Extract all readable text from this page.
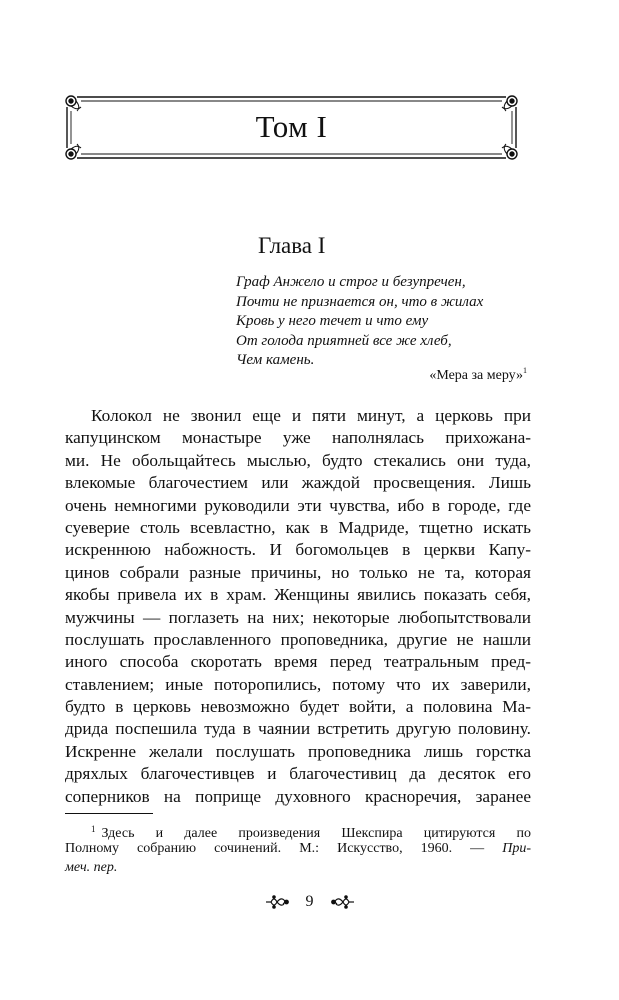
Том I
Глава I
Граф Анжело и строг и безупречен,
Почти не признается он, что в жилах
Кровь у него течет и что ему
От голода приятней все же хлеб,
Чем камень.
«Мера за меру»$^1$
Колокол не звонил еще и пяти минут, а церковь при
капуцинском монастыре уже наполнялась прихожана-
ми. Не обольщайтесь мыслью, будто стекались они туда,
влекомые благочестием или жаждой просвещения. Лишь
очень немногими руководили эти чувства, ибо в городе, где
суеверие столь всевластно, как в Мадриде, тщетно искать
искреннюю набожность. И богомольцев в церкви Капу-
цинов собрали разные причины, но только не та, которая
якобы привела их в храм. Женщины явились показать себя,
мужчины — поглазеть на них; некоторые любопытствовали
послушать прославленного проповедника, другие не нашли
иного способа скоротать время перед театральным пред-
ставлением; иные поторопились, потому что их заверили,
будто в церковь невозможно будет войти, а половина Ма-
дрида поспешила туда в чаянии встретить другую половину.
Искренне желали послушать проповедника лишь горстка
дряхлых благочестивцев и благочестивиц да десяток его
соперников на поприще духовного красноречия, заранее
$^1$ Здесь и далее произведения Шекспира цитируются по
Полному собранию сочинений. М.: Искусство, 1960. — При-
меч. пер.
9
